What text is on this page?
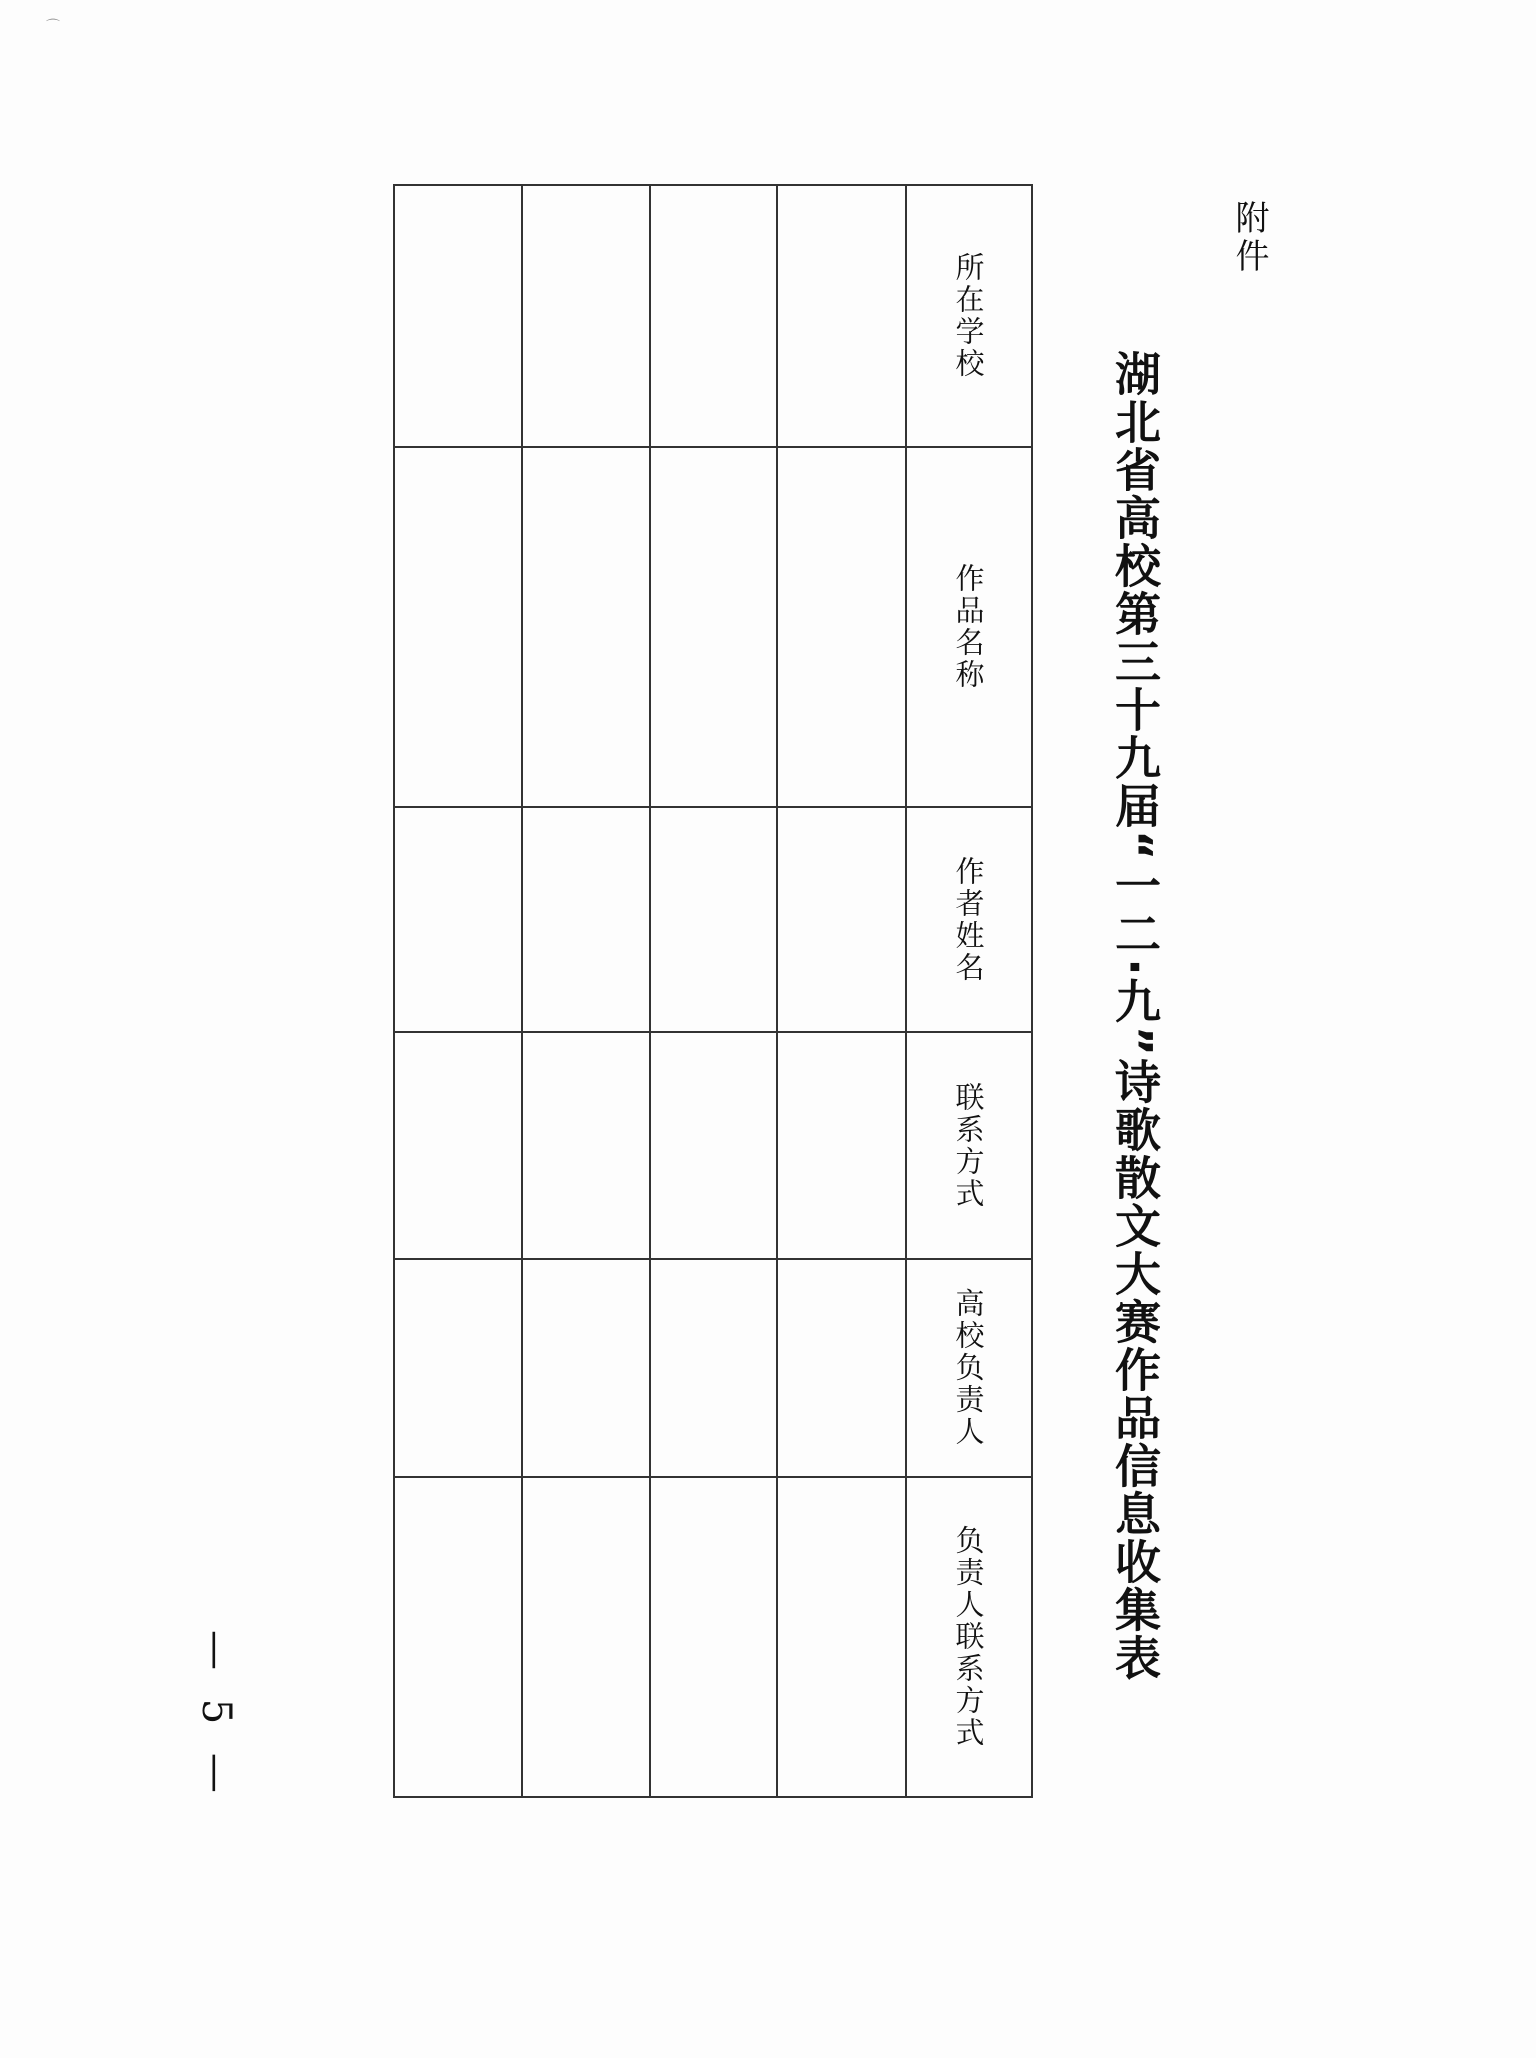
⌒
附件
湖北省高校第三十九届“一二·九”诗歌散文大赛作品信息收集表
所在学校
作品名称
作者姓名
联系方式
高校负责人
负责人联系方式
— 5 —
